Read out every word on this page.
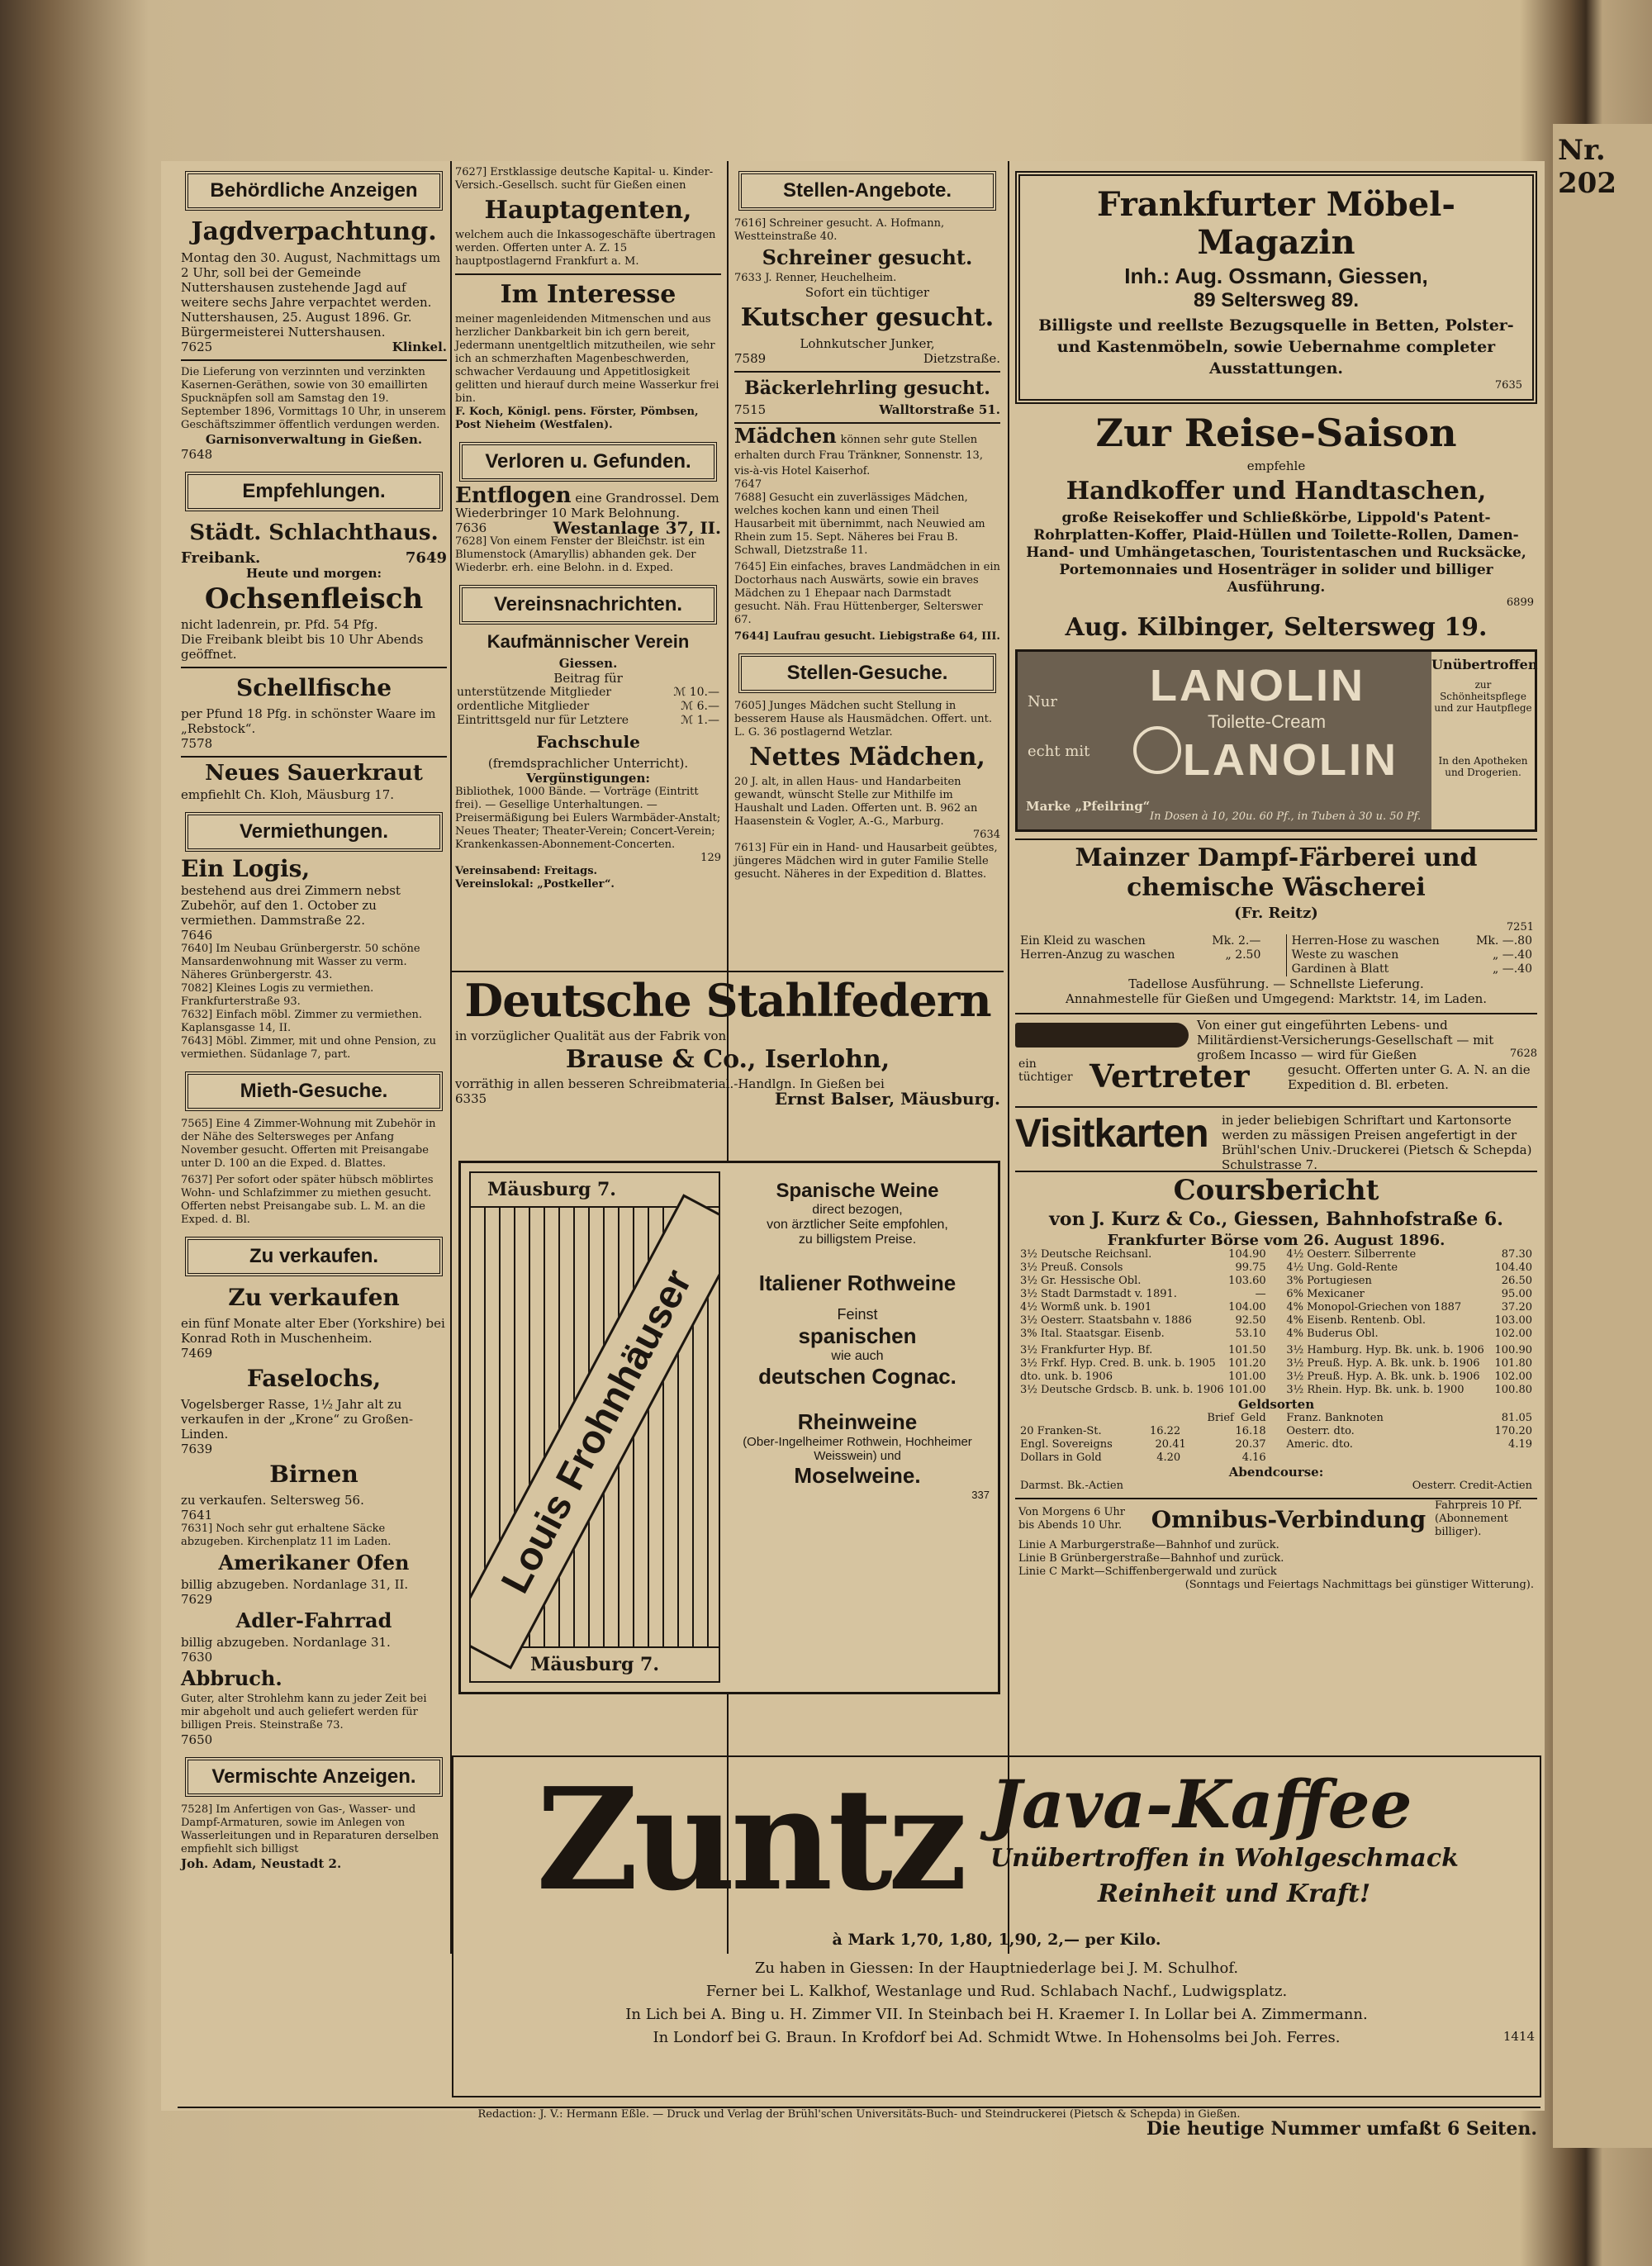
Nr. 202
Behördliche Anzeigen
Jagdverpachtung.
Montag den 30. August, Nachmittags um 2 Uhr, soll bei der Gemeinde Nuttershausen zustehende Jagd auf weitere sechs Jahre verpachtet werden.
Nuttershausen, 25. August 1896. Gr. Bürgermeisterei Nuttershausen.
7625	Klinkel.
Die Lieferung von verzinnten und verzinkten Kasernen-Geräthen, sowie von 30 emaillirten Spucknäpfen soll am Samstag den 19. September 1896, Vormittags 10 Uhr, in unserem Geschäftszimmer öffentlich verdungen werden.
Garnisonverwaltung in Gießen.
7648
Empfehlungen.
Städt. Schlachthaus.
Freibank.	7649
Heute und morgen:
Ochsenfleisch
nicht ladenrein, pr. Pfd. 54 Pfg.
Die Freibank bleibt bis 10 Uhr Abends geöffnet.
Schellfische
per Pfund 18 Pfg. in schönster Waare im „Rebstock“.
7578
Neues Sauerkraut
empfiehlt Ch. Kloh, Mäusburg 17.
Vermiethungen.
Ein Logis,
bestehend aus drei Zimmern nebst Zubehör, auf den 1. October zu vermiethen. Dammstraße 22.
7646
7640] Im Neubau Grünbergerstr. 50 schöne Mansardenwohnung mit Wasser zu verm. Näheres Grünbergerstr. 43.
7082] Kleines Logis zu vermiethen. Frankfurterstraße 93.
7632] Einfach möbl. Zimmer zu vermiethen. Kaplansgasse 14, II.
7643] Möbl. Zimmer, mit und ohne Pension, zu vermiethen. Südanlage 7, part.
Mieth-Gesuche.
7565] Eine 4 Zimmer-Wohnung mit Zubehör in der Nähe des Seltersweges per Anfang November gesucht. Offerten mit Preisangabe unter D. 100 an die Exped. d. Blattes.
7637] Per sofort oder später hübsch möblirtes Wohn- und Schlafzimmer zu miethen gesucht. Offerten nebst Preisangabe sub. L. M. an die Exped. d. Bl.
Zu verkaufen.
Zu verkaufen
ein fünf Monate alter Eber (Yorkshire) bei Konrad Roth in Muschenheim.
7469
Faselochs,
Vogelsberger Rasse, 1½ Jahr alt zu verkaufen in der „Krone“ zu Großen-Linden.
7639
Birnen
zu verkaufen. Seltersweg 56.
7641
7631] Noch sehr gut erhaltene Säcke abzugeben. Kirchenplatz 11 im Laden.
Amerikaner Ofen
billig abzugeben. Nordanlage 31, II.
7629
Adler-Fahrrad
billig abzugeben. Nordanlage 31.
7630
Abbruch.
Guter, alter Strohlehm kann zu jeder Zeit bei mir abgeholt und auch geliefert werden für billigen Preis. Steinstraße 73.
7650
Vermischte Anzeigen.
7528] Im Anfertigen von Gas-, Wasser- und Dampf-Armaturen, sowie im Anlegen von Wasserleitungen und in Reparaturen derselben empfiehlt sich billigst
Joh. Adam, Neustadt 2.
7627] Erstklassige deutsche Kapital- u. Kinder-Versich.-Gesellsch. sucht für Gießen einen
Hauptagenten,
welchem auch die Inkassogeschäfte übertragen werden. Offerten unter A. Z. 15 hauptpostlagernd Frankfurt a. M.
Im Interesse
meiner magenleidenden Mitmenschen und aus herzlicher Dankbarkeit bin ich gern bereit, Jedermann unentgeltlich mitzutheilen, wie sehr ich an schmerzhaften Magenbeschwerden, schwacher Verdauung und Appetitlosigkeit gelitten und hierauf durch meine Wasserkur frei bin.
F. Koch, Königl. pens. Förster, Pömbsen, Post Nieheim (Westfalen).
Verloren u. Gefunden.
Entflogen eine Grandrossel. Dem Wiederbringer 10 Mark Belohnung.
7636	Westanlage 37, II.
7628] Von einem Fenster der Bleichstr. ist ein Blumenstock (Amaryllis) abhanden gek. Der Wiederbr. erh. eine Belohn. in d. Exped.
Vereinsnachrichten.
Kaufmännischer Verein
Giessen.
Beitrag für
unterstützende Mitglieder	ℳ 10.—
ordentliche Mitglieder	ℳ 6.—
Eintrittsgeld nur für Letztere	ℳ 1.—
Fachschule
(fremdsprachlicher Unterricht).
Vergünstigungen:
Bibliothek, 1000 Bände. — Vorträge (Eintritt frei). — Gesellige Unterhaltungen. — Preisermäßigung bei Eulers Warmbäder-Anstalt; Neues Theater; Theater-Verein; Concert-Verein; Krankenkassen-Abonnement-Concerten.
129
Vereinsabend: Freitags.
Vereinslokal: „Postkeller“.
Stellen-Angebote.
7616] Schreiner gesucht. A. Hofmann, Westteinstraße 40.
Schreiner gesucht.
7633 J. Renner, Heuchelheim.
Sofort ein tüchtiger
Kutscher gesucht.
Lohnkutscher Junker,
7589	Dietzstraße.
Bäckerlehrling gesucht.
7515	Walltorstraße 51.
Mädchen können sehr gute Stellen erhalten durch Frau Tränkner, Sonnenstr. 13, vis-à-vis Hotel Kaiserhof.
7647
7688] Gesucht ein zuverlässiges Mädchen, welches kochen kann und einen Theil Hausarbeit mit übernimmt, nach Neuwied am Rhein zum 15. Sept. Näheres bei Frau B. Schwall, Dietzstraße 11.
7645] Ein einfaches, braves Landmädchen in ein Doctorhaus nach Auswärts, sowie ein braves Mädchen zu 1 Ehepaar nach Darmstadt gesucht. Näh. Frau Hüttenberger, Selterswег 67.
7644] Laufrau gesucht. Liebigstraße 64, III.
Stellen-Gesuche.
7605] Junges Mädchen sucht Stellung in besserem Hause als Hausmädchen. Offert. unt. L. G. 36 postlagernd Wetzlar.
Nettes Mädchen,
20 J. alt, in allen Haus- und Handarbeiten gewandt, wünscht Stelle zur Mithilfe im Haushalt und Laden. Offerten unt. B. 962 an Haasenstein & Vogler, A.-G., Marburg.
7634
7613] Für ein in Hand- und Hausarbeit geübtes, jüngeres Mädchen wird in guter Familie Stelle gesucht. Näheres in der Expedition d. Blattes.
Deutsche Stahlfedern
in vorzüglicher Qualität aus der Fabrik von
Brause & Co., Iserlohn,
vorräthig in allen besseren Schreibmaterial.-Handlgn. In Gießen bei
6335	Ernst Balser, Mäusburg.
Mäusburg 7.
Mäusburg 7.
Louis Frohnhäuser
Spanische Weine
direct bezogen,
von ärztlicher Seite empfohlen,
zu billigstem Preise.
Italiener Rothweine
Feinst
spanischen
wie auch
deutschen Cognac.
Rheinweine
(Ober-Ingelheimer Rothwein, Hochheimer Weisswein) und
Moselweine.
337
Frankfurter Möbel-Magazin
Inh.: Aug. Ossmann, Giessen,
89 Seltersweg 89.
Billigste und reellste Bezugsquelle in Betten, Polster- und Kastenmöbeln, sowie Uebernahme completer Ausstattungen.
7635
Zur Reise-Saison
empfehle
Handkoffer und Handtaschen,
große Reisekoffer und Schließkörbe, Lippold's Patent-Rohrplatten-Koffer, Plaid-Hüllen und Toilette-Rollen, Damen-Hand- und Umhängetaschen, Touristentaschen und Rucksäcke, Portemonnaies und Hosenträger in solider und billiger Ausführung.
6899
Aug. Kilbinger, Seltersweg 19.
Nur
echt mit
LANOLIN
Toilette-Cream
LANOLIN
Marke „Pfeilring“
In Dosen à 10, 20u. 60 Pf., in Tuben à 30 u. 50 Pf.
Unübertroffen
zur Schönheitspflege und zur Hautpflege
In den Apotheken und Drogerien.
Mainzer Dampf-Färberei und chemische Wäscherei
(Fr. Reitz)
7251
Ein Kleid zu waschen	Mk. 2.—
Herren-Anzug zu waschen	„ 2.50
Herren-Hose zu waschen	Mk. —.80
Weste zu waschen	„ —.40
Gardinen à Blatt	„ —.40
Tadellose Ausführung. — Schnellste Lieferung.
Annahmestelle für Gießen und Umgegend: Marktstr. 14, im Laden.
ein tüchtiger
Von einer gut eingeführten Lebens- und Militärdienst-Versicherungs-Gesellschaft — mit großem Incasso — wird für Gießen
Vertreter	gesucht. Offerten unter G. A. N. an die Expedition d. Bl. erbeten.
7628
Visitkarten in jeder beliebigen Schriftart und Kartonsorte werden zu mässigen Preisen angefertigt in der Brühl'schen Univ.-Druckerei (Pietsch & Schepda) Schulstrasse 7.
Coursbericht
von J. Kurz & Co., Giessen, Bahnhofstraße 6.
Frankfurter Börse vom 26. August 1896.
3½ Deutsche Reichsanl.	104.90
3½ Preuß. Consols	99.75
3½ Gr. Hessische Obl.	103.60
3½ Stadt Darmstadt v. 1891.	—
4½ Wormß unk. b. 1901	104.00
3½ Oesterr. Staatsbahn v. 1886	92.50
3% Ital. Staatsgar. Eisenb.	53.10
4½ Oesterr. Silberrente	87.30
4½ Ung. Gold-Rente	104.40
3% Portugiesen	26.50
6% Mexicaner	95.00
4% Monopol-Griechen von 1887	37.20
4% Eisenb. Rentenb. Obl.	103.00
4% Buderus Obl.	102.00
3½ Frankfurter Hyp. Bf.	101.50
3½ Frkf. Hyp. Cred. B. unk. b. 1905 101.20
dto. unk. b. 1906	101.00
3½ Deutsche Grdscb. B. unk. b. 1906 101.00
3½ Hamburg. Hyp. Bk. unk. b. 1906 100.90
3½ Preuß. Hyp. A. Bk. unk. b. 1906 101.80
3½ Preuß. Hyp. A. Bk. unk. b. 1906 102.00
3½ Rhein. Hyp. Bk. unk. b. 1900	100.80
Geldsorten
Brief Geld
20 Franken-St.	16.22	16.18
Engl. Sovereigns	20.41	20.37
Dollars in Gold	4.20	4.16
Franz. Banknoten	81.05
Oesterr. dto.	170.20
Americ. dto.	4.19
Abendcourse:
Darmst. Bk.-Actien	Oesterr. Credit-Actien
Von Morgens 6 Uhr bis Abends 10 Uhr.	Omnibus-Verbindung Fahrpreis 10 Pf. (Abonnement billiger).
Linie A Marburgerstraße—Bahnhof und zurück.
Linie B Grünbergerstraße—Bahnhof und zurück.
Linie C Markt—Schiffenbergerwald und zurück
(Sonntags und Feiertags Nachmittags bei günstiger Witterung).
Zuntz Java-Kaffee
Unübertroffen in Wohlgeschmack
Reinheit und Kraft!
à Mark 1,70, 1,80, 1,90, 2,— per Kilo.
Zu haben in Giessen: In der Hauptniederlage bei J. M. Schulhof.
Ferner bei L. Kalkhof, Westanlage und Rud. Schlabach Nachf., Ludwigsplatz.
In Lich bei A. Bing u. H. Zimmer VII. In Steinbach bei H. Kraemer I. In Lollar bei A. Zimmermann.
In Londorf bei G. Braun. In Krofdorf bei Ad. Schmidt Wtwe. In Hohensolms bei Joh. Ferres.	1414
Redaction: J. V.: Hermann Eßle. — Druck und Verlag der Brühl'schen Universitäts-Buch- und Steindruckerei (Pietsch & Schepda) in Gießen.
Die heutige Nummer umfaßt 6 Seiten.
